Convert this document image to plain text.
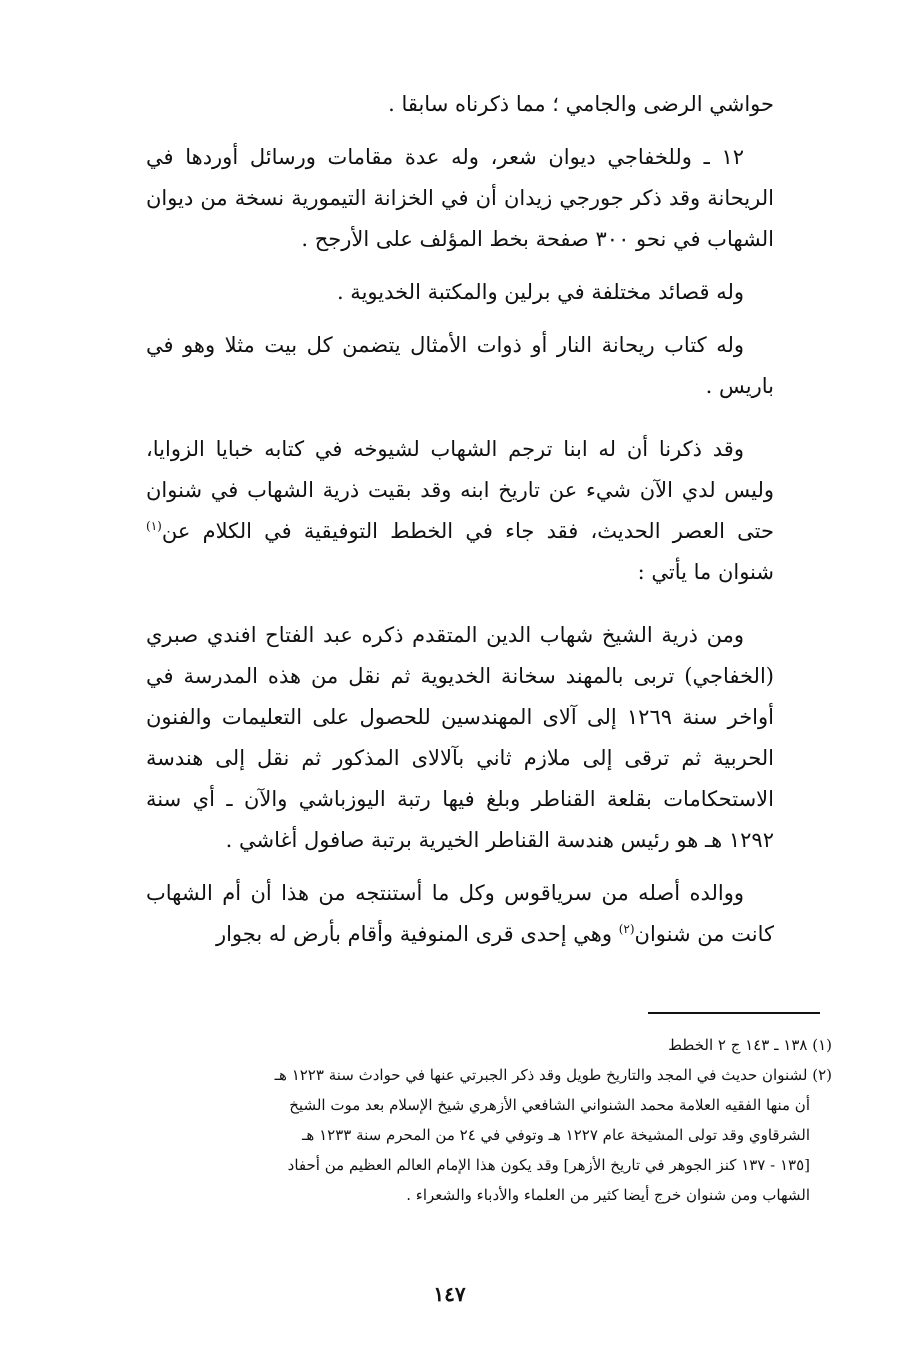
حواشي الرضى والجامي ؛ مما ذكرناه سابقا .

١٢ ـ وللخفاجي ديوان شعر، وله عدة مقامات ورسائل أوردها في الريحانة وقد ذكر جورجي زيدان أن في الخزانة التيمورية نسخة من ديوان الشهاب في نحو ٣٠٠ صفحة بخط المؤلف على الأرجح .

وله قصائد مختلفة في برلين والمكتبة الخديوية .

وله كتاب ريحانة النار أو ذوات الأمثال يتضمن كل بيت مثلا وهو في باريس .

وقد ذكرنا أن له ابنا ترجم الشهاب لشيوخه في كتابه خبايا الزوايا، وليس لدي الآن شيء عن تاريخ ابنه وقد بقيت ذرية الشهاب في شنوان حتى العصر الحديث، فقد جاء في الخطط التوفيقية في الكلام عن$^{(١)}$ شنوان ما يأتي :

ومن ذرية الشيخ شهاب الدين المتقدم ذكره عبد الفتاح افندي صبري (الخفاجي) تربى بالمهند سخانة الخديوية ثم نقل من هذه المدرسة في أواخر سنة ١٢٦٩ إلى آلاى المهندسين للحصول على التعليمات والفنون الحربية ثم ترقى إلى ملازم ثاني بآلالاى المذكور ثم نقل إلى هندسة الاستحكامات بقلعة القناطر وبلغ فيها رتبة اليوزباشي والآن ـ أي سنة ١٢٩٢ هـ هو رئيس هندسة القناطر الخيرية برتبة صافول أغاشي .

ووالده أصله من سرياقوس وكل ما أستنتجه من هذا أن أم الشهاب كانت من شنوان$^{(٢)}$ وهي إحدى قرى المنوفية وأقام بأرض له بجوار

(١) ١٣٨ ـ ١٤٣ ج ٢ الخطط

(٢) لشنوان حديث في المجد والتاريخ طويل وقد ذكر الجبرتي عنها في حوادث سنة ١٢٢٣ هـ

أن منها الفقيه العلامة محمد الشنواني الشافعي الأزهري شيخ الإسلام بعد موت الشيخ

الشرقاوي وقد تولى المشيخة عام ١٢٢٧ هـ وتوفي في ٢٤ من المحرم سنة ١٢٣٣ هـ

[١٣٥ - ١٣٧ كنز الجوهر في تاريخ الأزهر] وقد يكون هذا الإمام العالم العظيم من أحفاد

الشهاب ومن شنوان خرج أيضا كثير من العلماء والأدباء والشعراء .

١٤٧
